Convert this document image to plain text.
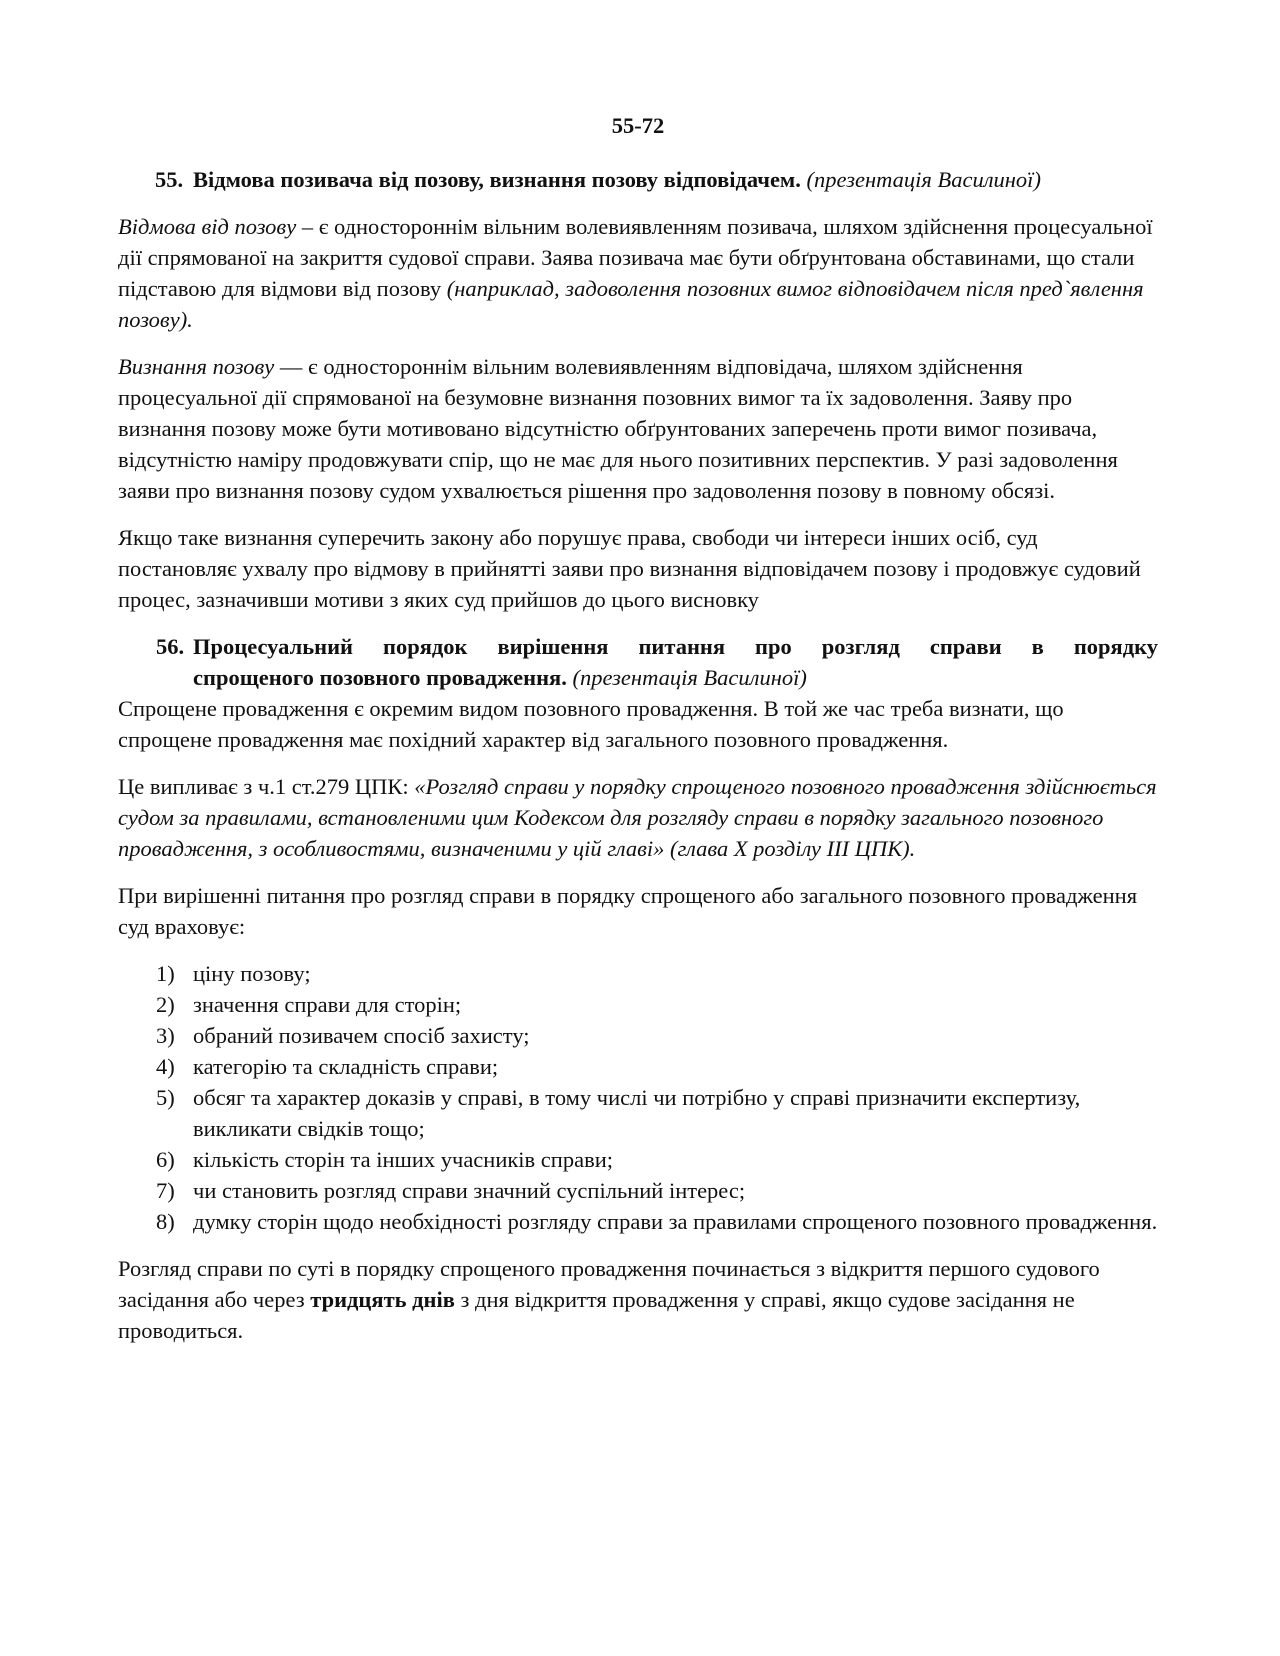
55-72

55. Відмова позивача від позову, визнання позову відповідачем. (презентація Василиної)

Відмова від позову – є одностороннім вільним волевиявленням позивача, шляхом здійснення процесуальної дії спрямованої на закриття судової справи. Заява позивача має бути обґрунтована обставинами, що стали підставою для відмови від позову (наприклад, задоволення позовних вимог відповідачем після пред`явлення позову).

Визнання позову — є одностороннім вільним волевиявленням відповідача, шляхом здійснення процесуальної дії спрямованої на безумовне визнання позовних вимог та їх задоволення. Заяву про визнання позову може бути мотивовано відсутністю обґрунтованих заперечень проти вимог позивача, відсутністю наміру продовжувати спір, що не має для нього позитивних перспектив. У разі задоволення заяви про визнання позову судом ухвалюється рішення про задоволення позову в повному обсязі.

Якщо таке визнання суперечить закону або порушує права, свободи чи інтереси інших осіб, суд постановляє ухвалу про відмову в прийнятті заяви про визнання відповідачем позову і продовжує судовий процес, зазначивши мотиви з яких суд прийшов до цього висновку

56. Процесуальний порядок вирішення питання про розгляд справи в порядку
спрощеного позовного провадження. (презентація Василиної)

Спрощене провадження є окремим видом позовного провадження. В той же час треба визнати, що спрощене провадження має похідний характер від загального позовного провадження.

Це випливає з ч.1 ст.279 ЦПК: «Розгляд справи у порядку спрощеного позовного провадження здійснюється судом за правилами, встановленими цим Кодексом для розгляду справи в порядку загального позовного провадження, з особливостями, визначеними у цій главі» (глава Х розділу ІІІ ЦПК).

При вирішенні питання про розгляд справи в порядку спрощеного або загального позовного провадження суд враховує:

1) ціну позову;
2) значення справи для сторін;
3) обраний позивачем спосіб захисту;
4) категорію та складність справи;
5) обсяг та характер доказів у справі, в тому числі чи потрібно у справі призначити експертизу, викликати свідків тощо;
6) кількість сторін та інших учасників справи;
7) чи становить розгляд справи значний суспільний інтерес;
8) думку сторін щодо необхідності розгляду справи за правилами спрощеного позовного провадження.

Розгляд справи по суті в порядку спрощеного провадження починається з відкриття першого судового засідання або через тридцять днів з дня відкриття провадження у справі, якщо судове засідання не проводиться.
